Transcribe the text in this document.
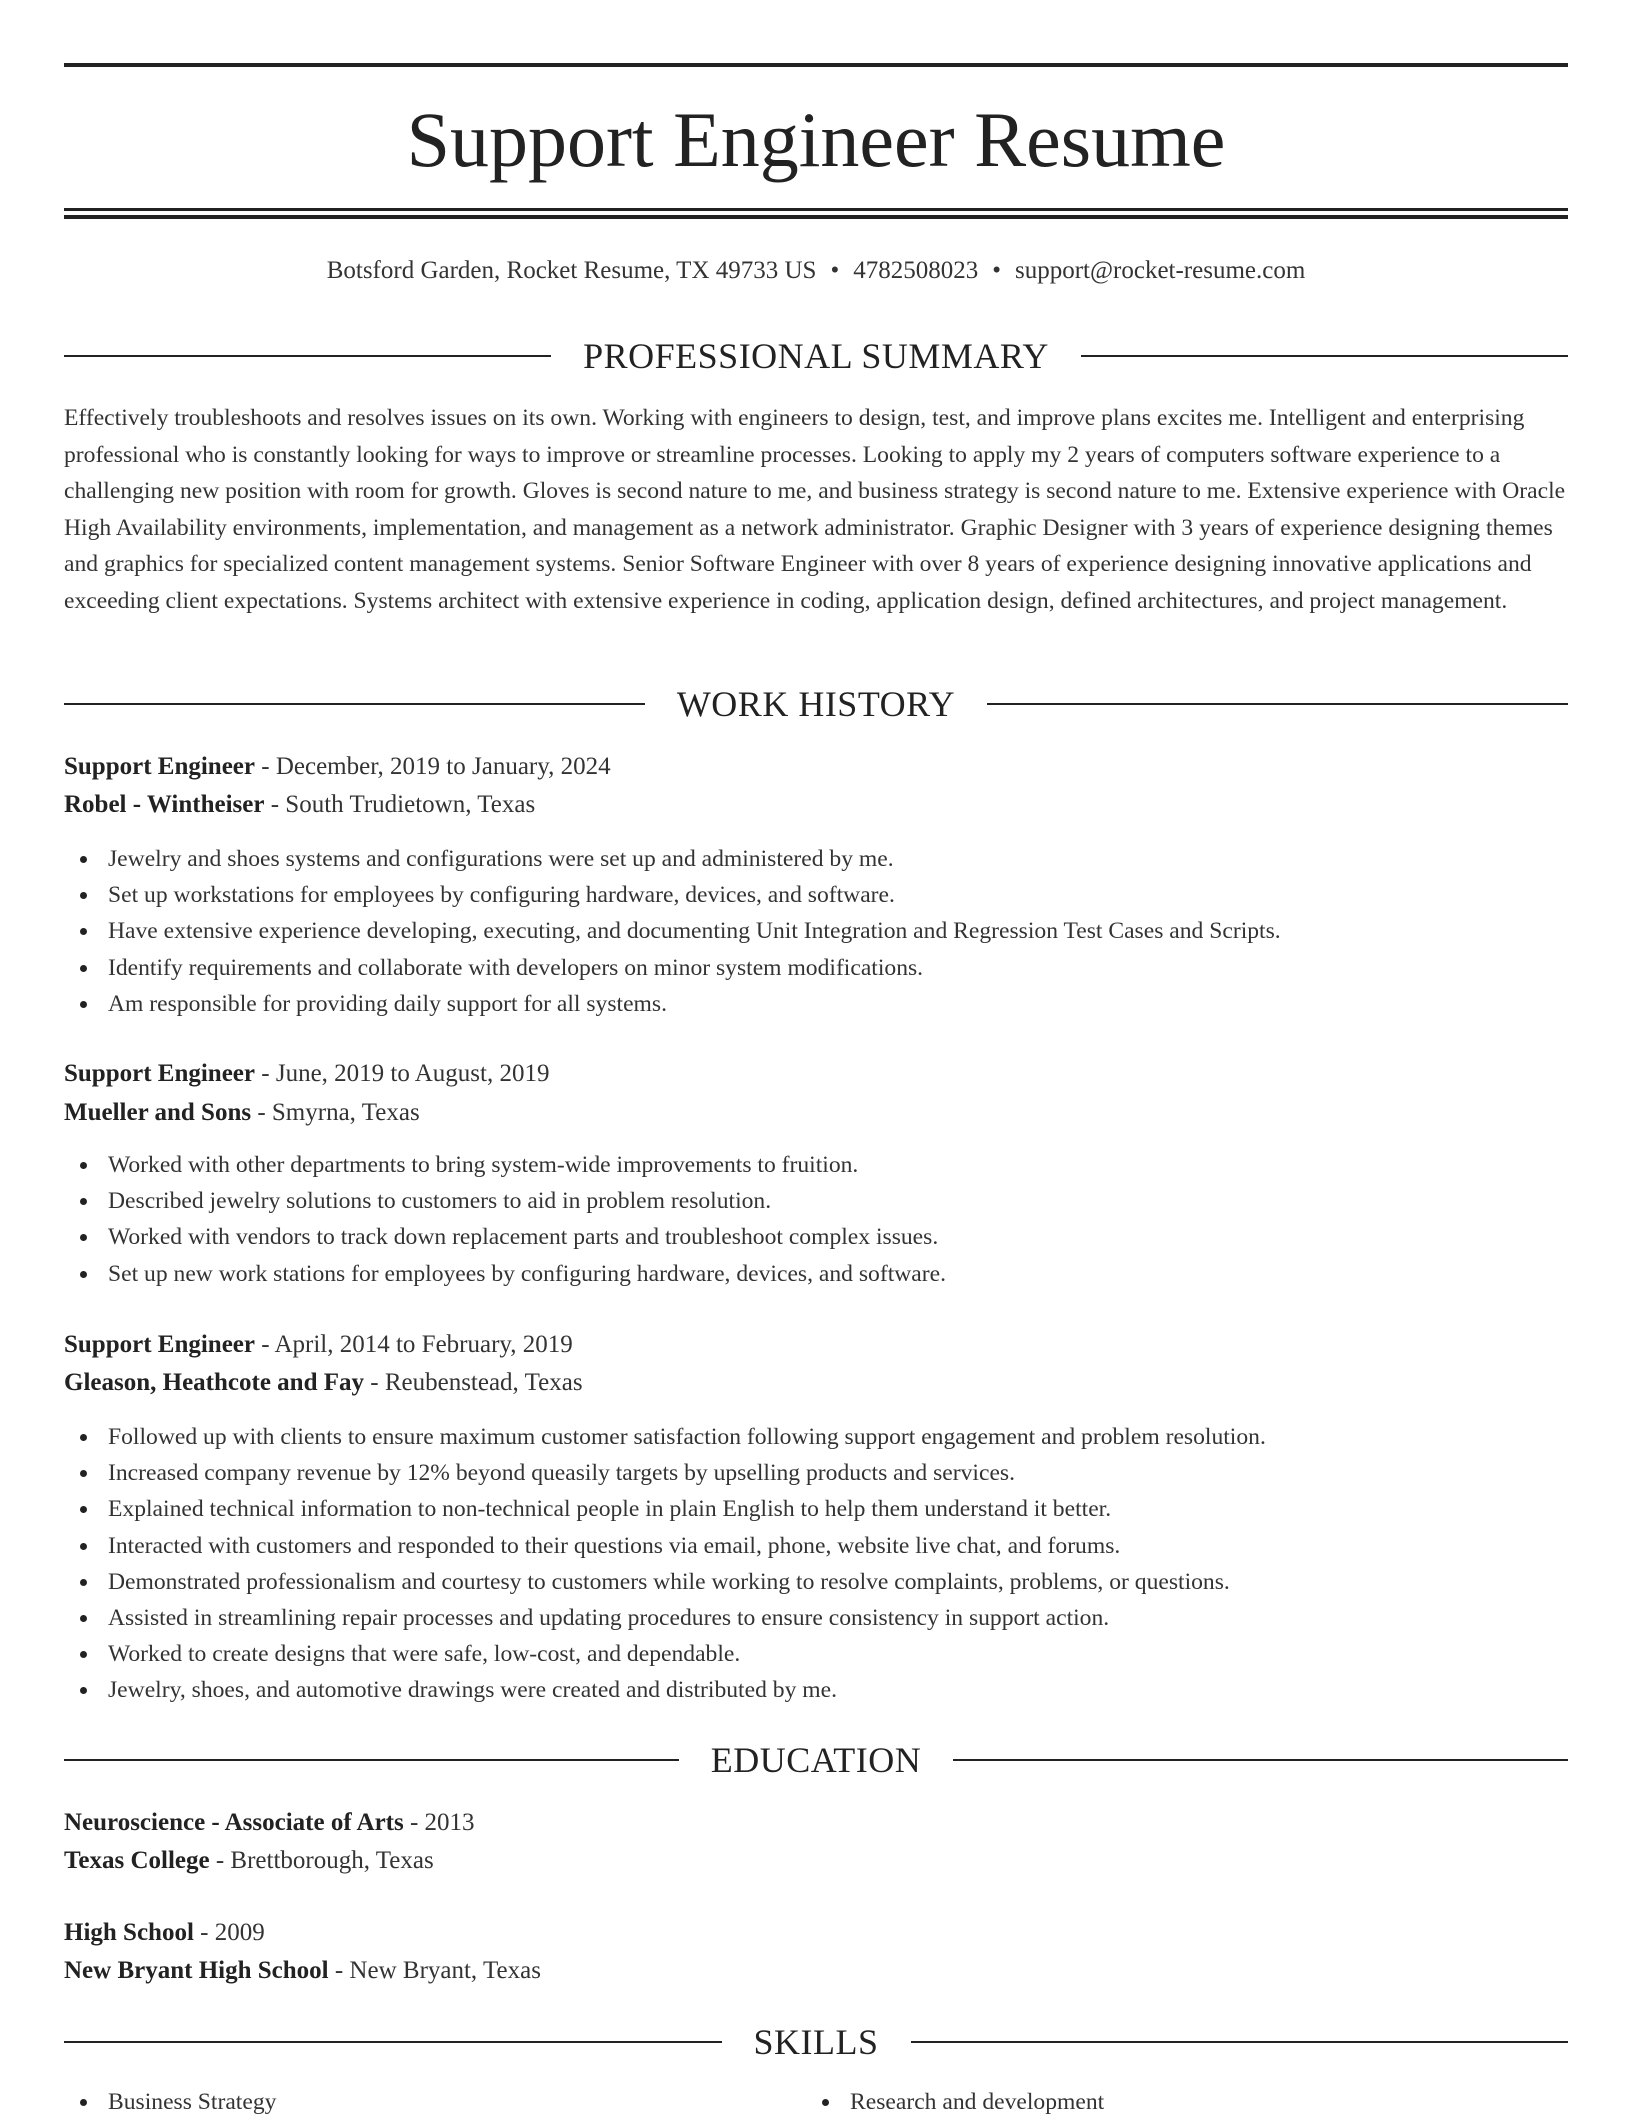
Support Engineer Resume
Botsford Garden, Rocket Resume, TX 49733 US • 4782508023 • support@rocket-resume.com
PROFESSIONAL SUMMARY

Effectively troubleshoots and resolves issues on its own. Working with engineers to design, test, and improve plans excites me. Intelligent and enterprising professional who is constantly looking for ways to improve or streamline processes. Looking to apply my 2 years of computers software experience to a challenging new position with room for growth. Gloves is second nature to me, and business strategy is second nature to me. Extensive experience with Oracle High Availability environments, implementation, and management as a network administrator. Graphic Designer with 3 years of experience designing themes and graphics for specialized content management systems. Senior Software Engineer with over 8 years of experience designing innovative applications and exceeding client expectations. Systems architect with extensive experience in coding, application design, defined architectures, and project management.

WORK HISTORY
Support Engineer - December, 2019 to January, 2024
Robel - Wintheiser - South Trudietown, Texas
Jewelry and shoes systems and configurations were set up and administered by me.
Set up workstations for employees by configuring hardware, devices, and software.
Have extensive experience developing, executing, and documenting Unit Integration and Regression Test Cases and Scripts.
Identify requirements and collaborate with developers on minor system modifications.
Am responsible for providing daily support for all systems.
Support Engineer - June, 2019 to August, 2019
Mueller and Sons - Smyrna, Texas
Worked with other departments to bring system-wide improvements to fruition.
Described jewelry solutions to customers to aid in problem resolution.
Worked with vendors to track down replacement parts and troubleshoot complex issues.
Set up new work stations for employees by configuring hardware, devices, and software.
Support Engineer - April, 2014 to February, 2019
Gleason, Heathcote and Fay - Reubenstead, Texas
Followed up with clients to ensure maximum customer satisfaction following support engagement and problem resolution.
Increased company revenue by 12% beyond queasily targets by upselling products and services.
Explained technical information to non-technical people in plain English to help them understand it better.
Interacted with customers and responded to their questions via email, phone, website live chat, and forums.
Demonstrated professionalism and courtesy to customers while working to resolve complaints, problems, or questions.
Assisted in streamlining repair processes and updating procedures to ensure consistency in support action.
Worked to create designs that were safe, low-cost, and dependable.
Jewelry, shoes, and automotive drawings were created and distributed by me.
EDUCATION
Neuroscience - Associate of Arts - 2013
Texas College - Brettborough, Texas
High School - 2009
New Bryant High School - New Bryant, Texas
SKILLS
Business Strategy	Research and development
